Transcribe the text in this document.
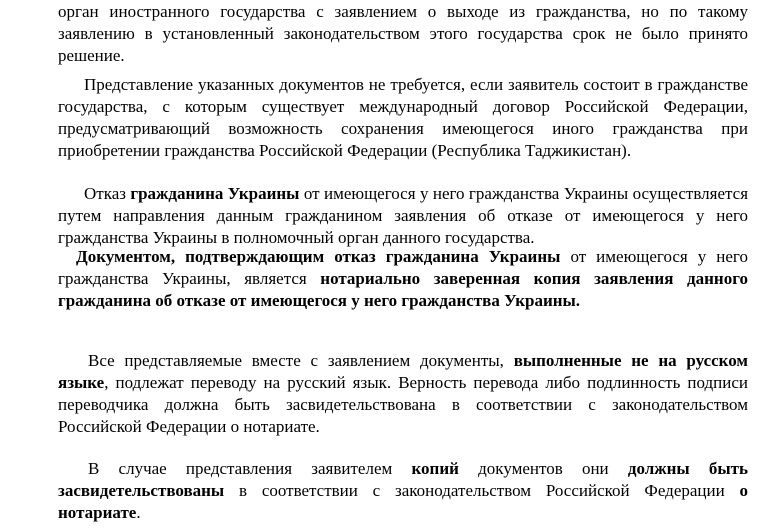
орган иностранного государства с заявлением о выходе из гражданства, но по такому заявлению в установленный законодательством этого государства срок не было принято решение.

Представление указанных документов не требуется, если заявитель состоит в гражданстве государства, с которым существует международный договор Российской Федерации, предусматривающий возможность сохранения имеющегося иного гражданства при приобретении гражданства Российской Федерации (Республика Таджикистан).

Отказ гражданина Украины от имеющегося у него гражданства Украины осуществляется путем направления данным гражданином заявления об отказе от имеющегося у него гражданства Украины в полномочный орган данного государства.

Документом, подтверждающим отказ гражданина Украины от имеющегося у него гражданства Украины, является нотариально заверенная копия заявления данного гражданина об отказе от имеющегося у него гражданства Украины.

Все представляемые вместе с заявлением документы, выполненные не на русском языке, подлежат переводу на русский язык. Верность перевода либо подлинность подписи переводчика должна быть засвидетельствована в соответствии с законодательством Российской Федерации о нотариате.

В случае представления заявителем копий документов они должны быть засвидетельствованы в соответствии с законодательством Российской Федерации о нотариате.
